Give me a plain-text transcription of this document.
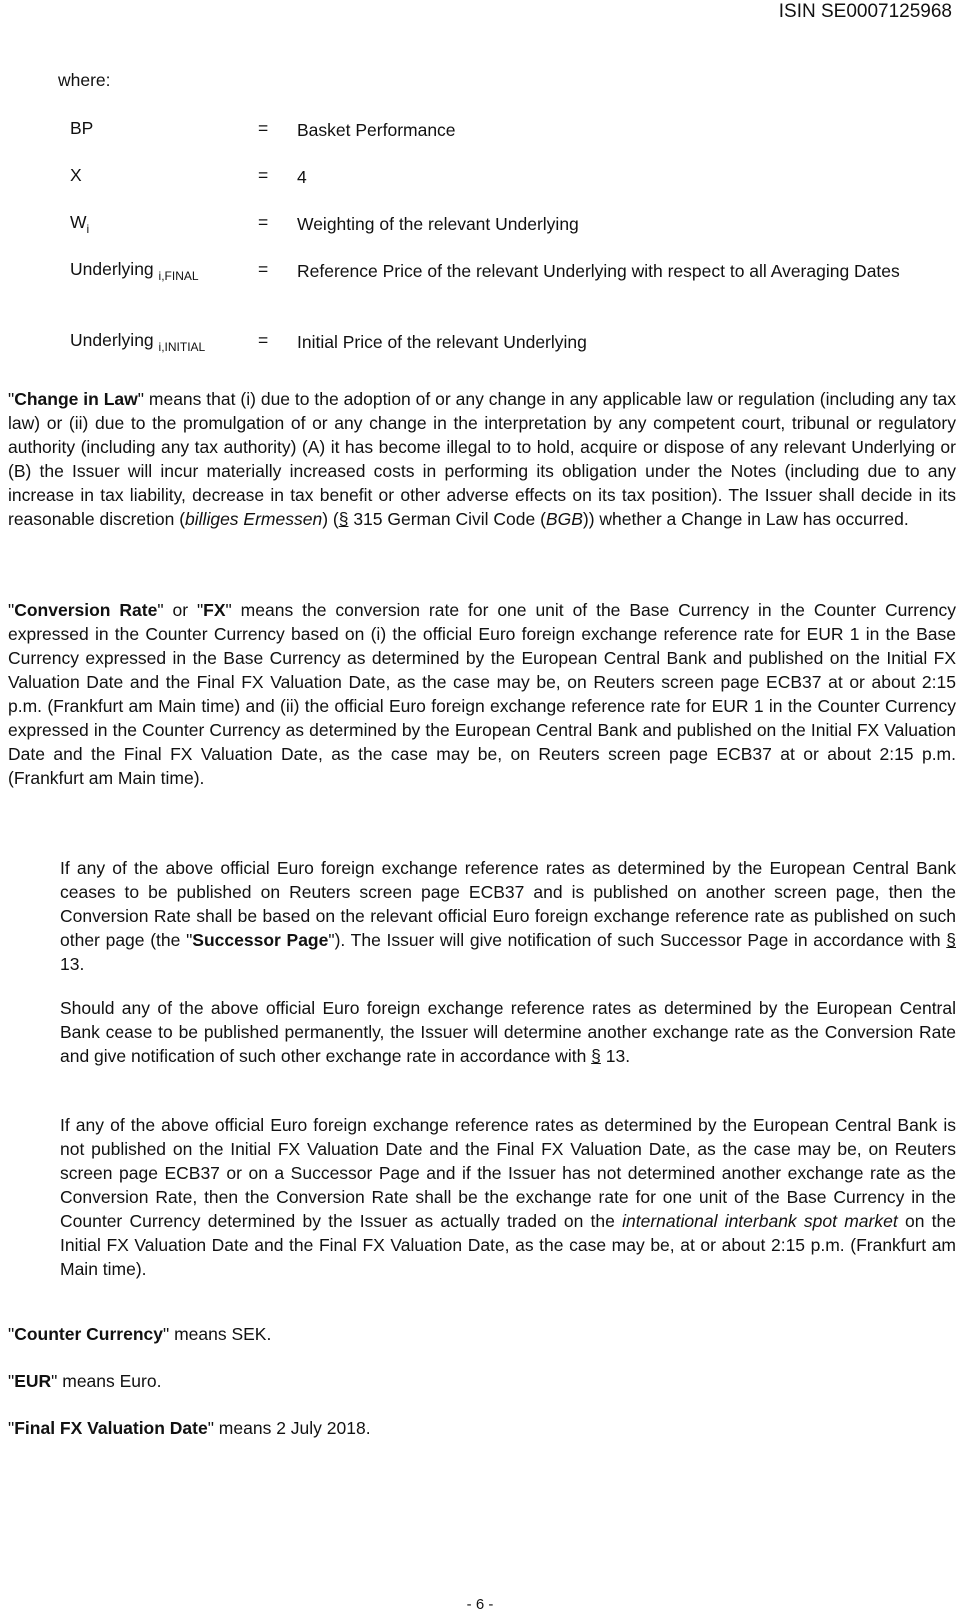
ISIN SE0007125968
where:
BP	= Basket Performance
X	= 4
$W_i$	= Weighting of the relevant Underlying
Underlying $_{i,FINAL}$	= Reference Price of the relevant Underlying with respect to all Averaging Dates
Underlying $_{i,INITIAL}$	= Initial Price of the relevant Underlying

"Change in Law" means that (i) due to the adoption of or any change in any applicable law or regulation (including any tax law) or (ii) due to the promulgation of or any change in the interpretation by any competent court, tribunal or regulatory authority (including any tax authority) (A) it has become illegal to to hold, acquire or dispose of any relevant Underlying or (B) the Issuer will incur materially increased costs in performing its obligation under the Notes (including due to any increase in tax liability, decrease in tax benefit or other adverse effects on its tax position). The Issuer shall decide in its reasonable discretion (billiges Ermessen) (§ 315 German Civil Code (BGB)) whether a Change in Law has occurred.

"Conversion Rate" or "FX" means the conversion rate for one unit of the Base Currency in the Counter Currency expressed in the Counter Currency based on (i) the official Euro foreign exchange reference rate for EUR 1 in the Base Currency expressed in the Base Currency as determined by the European Central Bank and published on the Initial FX Valuation Date and the Final FX Valuation Date, as the case may be, on Reuters screen page ECB37 at or about 2:15 p.m. (Frankfurt am Main time) and (ii) the official Euro foreign exchange reference rate for EUR 1 in the Counter Currency expressed in the Counter Currency as determined by the European Central Bank and published on the Initial FX Valuation Date and the Final FX Valuation Date, as the case may be, on Reuters screen page ECB37 at or about 2:15 p.m. (Frankfurt am Main time).

If any of the above official Euro foreign exchange reference rates as determined by the European Central Bank ceases to be published on Reuters screen page ECB37 and is published on another screen page, then the Conversion Rate shall be based on the relevant official Euro foreign exchange reference rate as published on such other page (the "Successor Page"). The Issuer will give notification of such Successor Page in accordance with § 13.

Should any of the above official Euro foreign exchange reference rates as determined by the European Central Bank cease to be published permanently, the Issuer will determine another exchange rate as the Conversion Rate and give notification of such other exchange rate in accordance with § 13.

If any of the above official Euro foreign exchange reference rates as determined by the European Central Bank is not published on the Initial FX Valuation Date and the Final FX Valuation Date, as the case may be, on Reuters screen page ECB37 or on a Successor Page and if the Issuer has not determined another exchange rate as the Conversion Rate, then the Conversion Rate shall be the exchange rate for one unit of the Base Currency in the Counter Currency determined by the Issuer as actually traded on the international interbank spot market on the Initial FX Valuation Date and the Final FX Valuation Date, as the case may be, at or about 2:15 p.m. (Frankfurt am Main time).

"Counter Currency" means SEK.
"EUR" means Euro.
"Final FX Valuation Date" means 2 July 2018.
- 6 -
